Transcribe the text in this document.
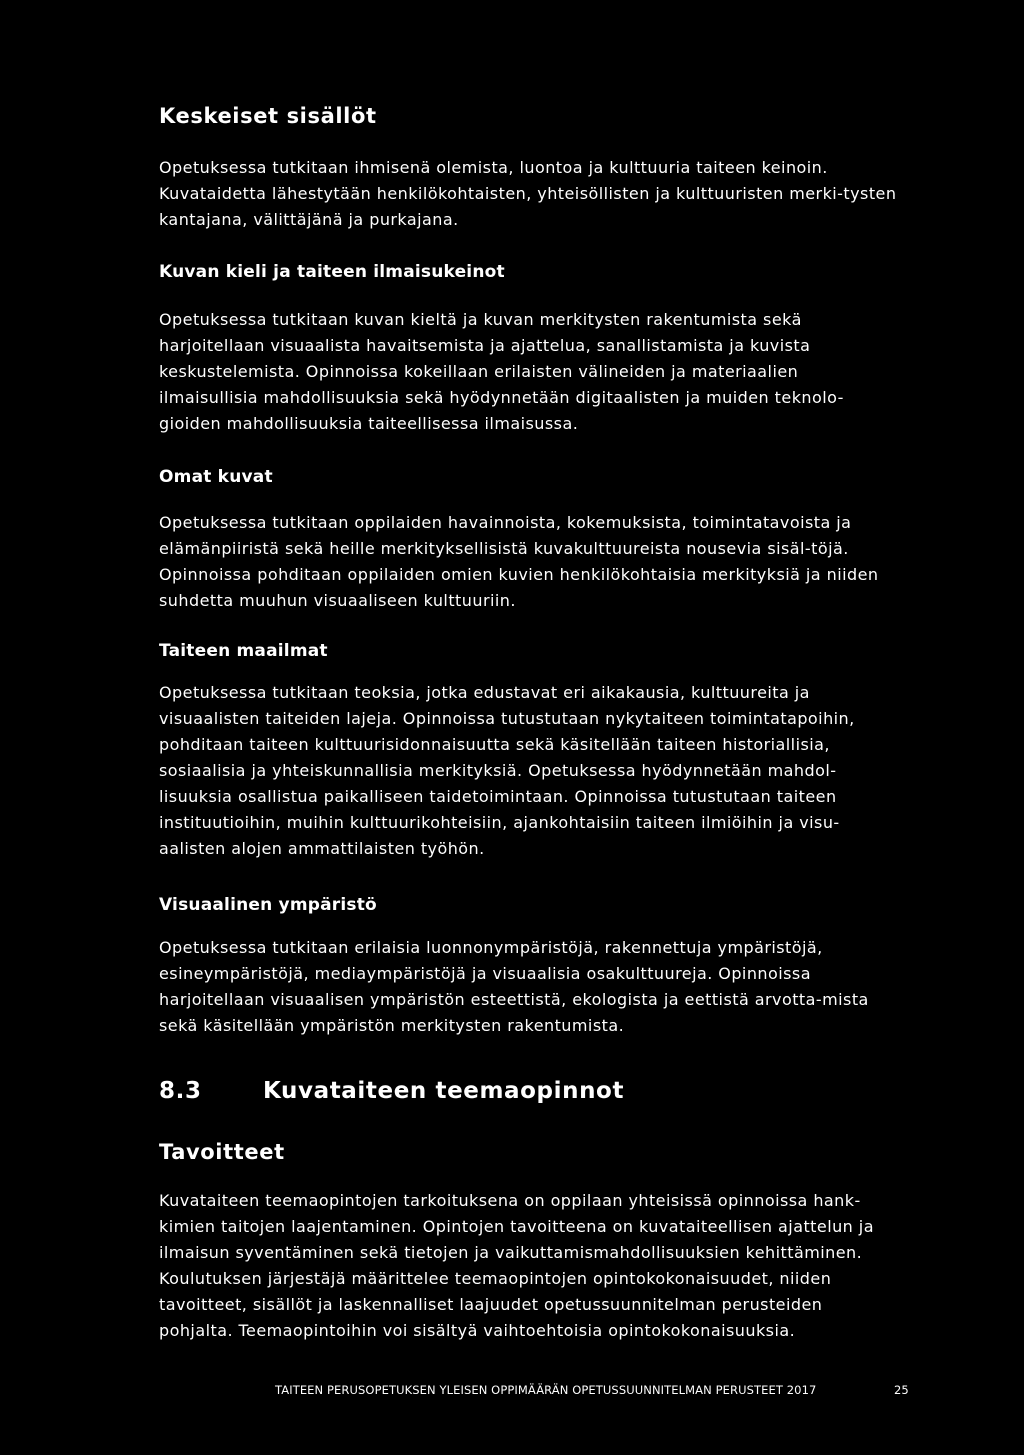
Keskeiset sisällöt

Opetuksessa tutkitaan ihmisenä olemista, luontoa ja kulttuuria taiteen keinoin. Kuvataidetta lähestytään henkilökohtaisten, yhteisöllisten ja kulttuuristen merki-tysten kantajana, välittäjänä ja purkajana.

Kuvan kieli ja taiteen ilmaisukeinot

Opetuksessa tutkitaan kuvan kieltä ja kuvan merkitysten rakentumista sekä harjoitellaan visuaalista havaitsemista ja ajattelua, sanallistamista ja kuvista keskustelemista. Opinnoissa kokeillaan erilaisten välineiden ja materiaalien ilmaisullisia mahdollisuuksia sekä hyödynnetään digitaalisten ja muiden teknolo-gioiden mahdollisuuksia taiteellisessa ilmaisussa.

Omat kuvat

Opetuksessa tutkitaan oppilaiden havainnoista, kokemuksista, toimintatavoista ja elämänpiiristä sekä heille merkityksellisistä kuvakulttuureista nousevia sisäl-töjä. Opinnoissa pohditaan oppilaiden omien kuvien henkilökohtaisia merkityksiä ja niiden suhdetta muuhun visuaaliseen kulttuuriin.

Taiteen maailmat

Opetuksessa tutkitaan teoksia, jotka edustavat eri aikakausia, kulttuureita ja visuaalisten taiteiden lajeja. Opinnoissa tutustutaan nykytaiteen toimintatapoihin, pohditaan taiteen kulttuurisidonnaisuutta sekä käsitellään taiteen historiallisia, sosiaalisia ja yhteiskunnallisia merkityksiä. Opetuksessa hyödynnetään mahdol-lisuuksia osallistua paikalliseen taidetoimintaan. Opinnoissa tutustutaan taiteen instituutioihin, muihin kulttuurikohteisiin, ajankohtaisiin taiteen ilmiöihin ja visu-aalisten alojen ammattilaisten työhön.

Visuaalinen ympäristö

Opetuksessa tutkitaan erilaisia luonnonympäristöjä, rakennettuja ympäristöjä, esineympäristöjä, mediaympäristöjä ja visuaalisia osakulttuureja. Opinnoissa harjoitellaan visuaalisen ympäristön esteettistä, ekologista ja eettistä arvotta-mista sekä käsitellään ympäristön merkitysten rakentumista.

8.3	Kuvataiteen teemaopinnot
Tavoitteet

Kuvataiteen teemaopintojen tarkoituksena on oppilaan yhteisissä opinnoissa hank-kimien taitojen laajentaminen. Opintojen tavoitteena on kuvataiteellisen ajattelun ja ilmaisun syventäminen sekä tietojen ja vaikuttamismahdollisuuksien kehittäminen. Koulutuksen järjestäjä määrittelee teemaopintojen opintokokonaisuudet, niiden tavoitteet, sisällöt ja laskennalliset laajuudet opetussuunnitelman perusteiden pohjalta. Teemaopintoihin voi sisältyä vaihtoehtoisia opintokokonaisuuksia.

TAITEEN PERUSOPETUKSEN YLEISEN OPPIMÄÄRÄN OPETUSSUUNNITELMAN PERUSTEET 2017	25
